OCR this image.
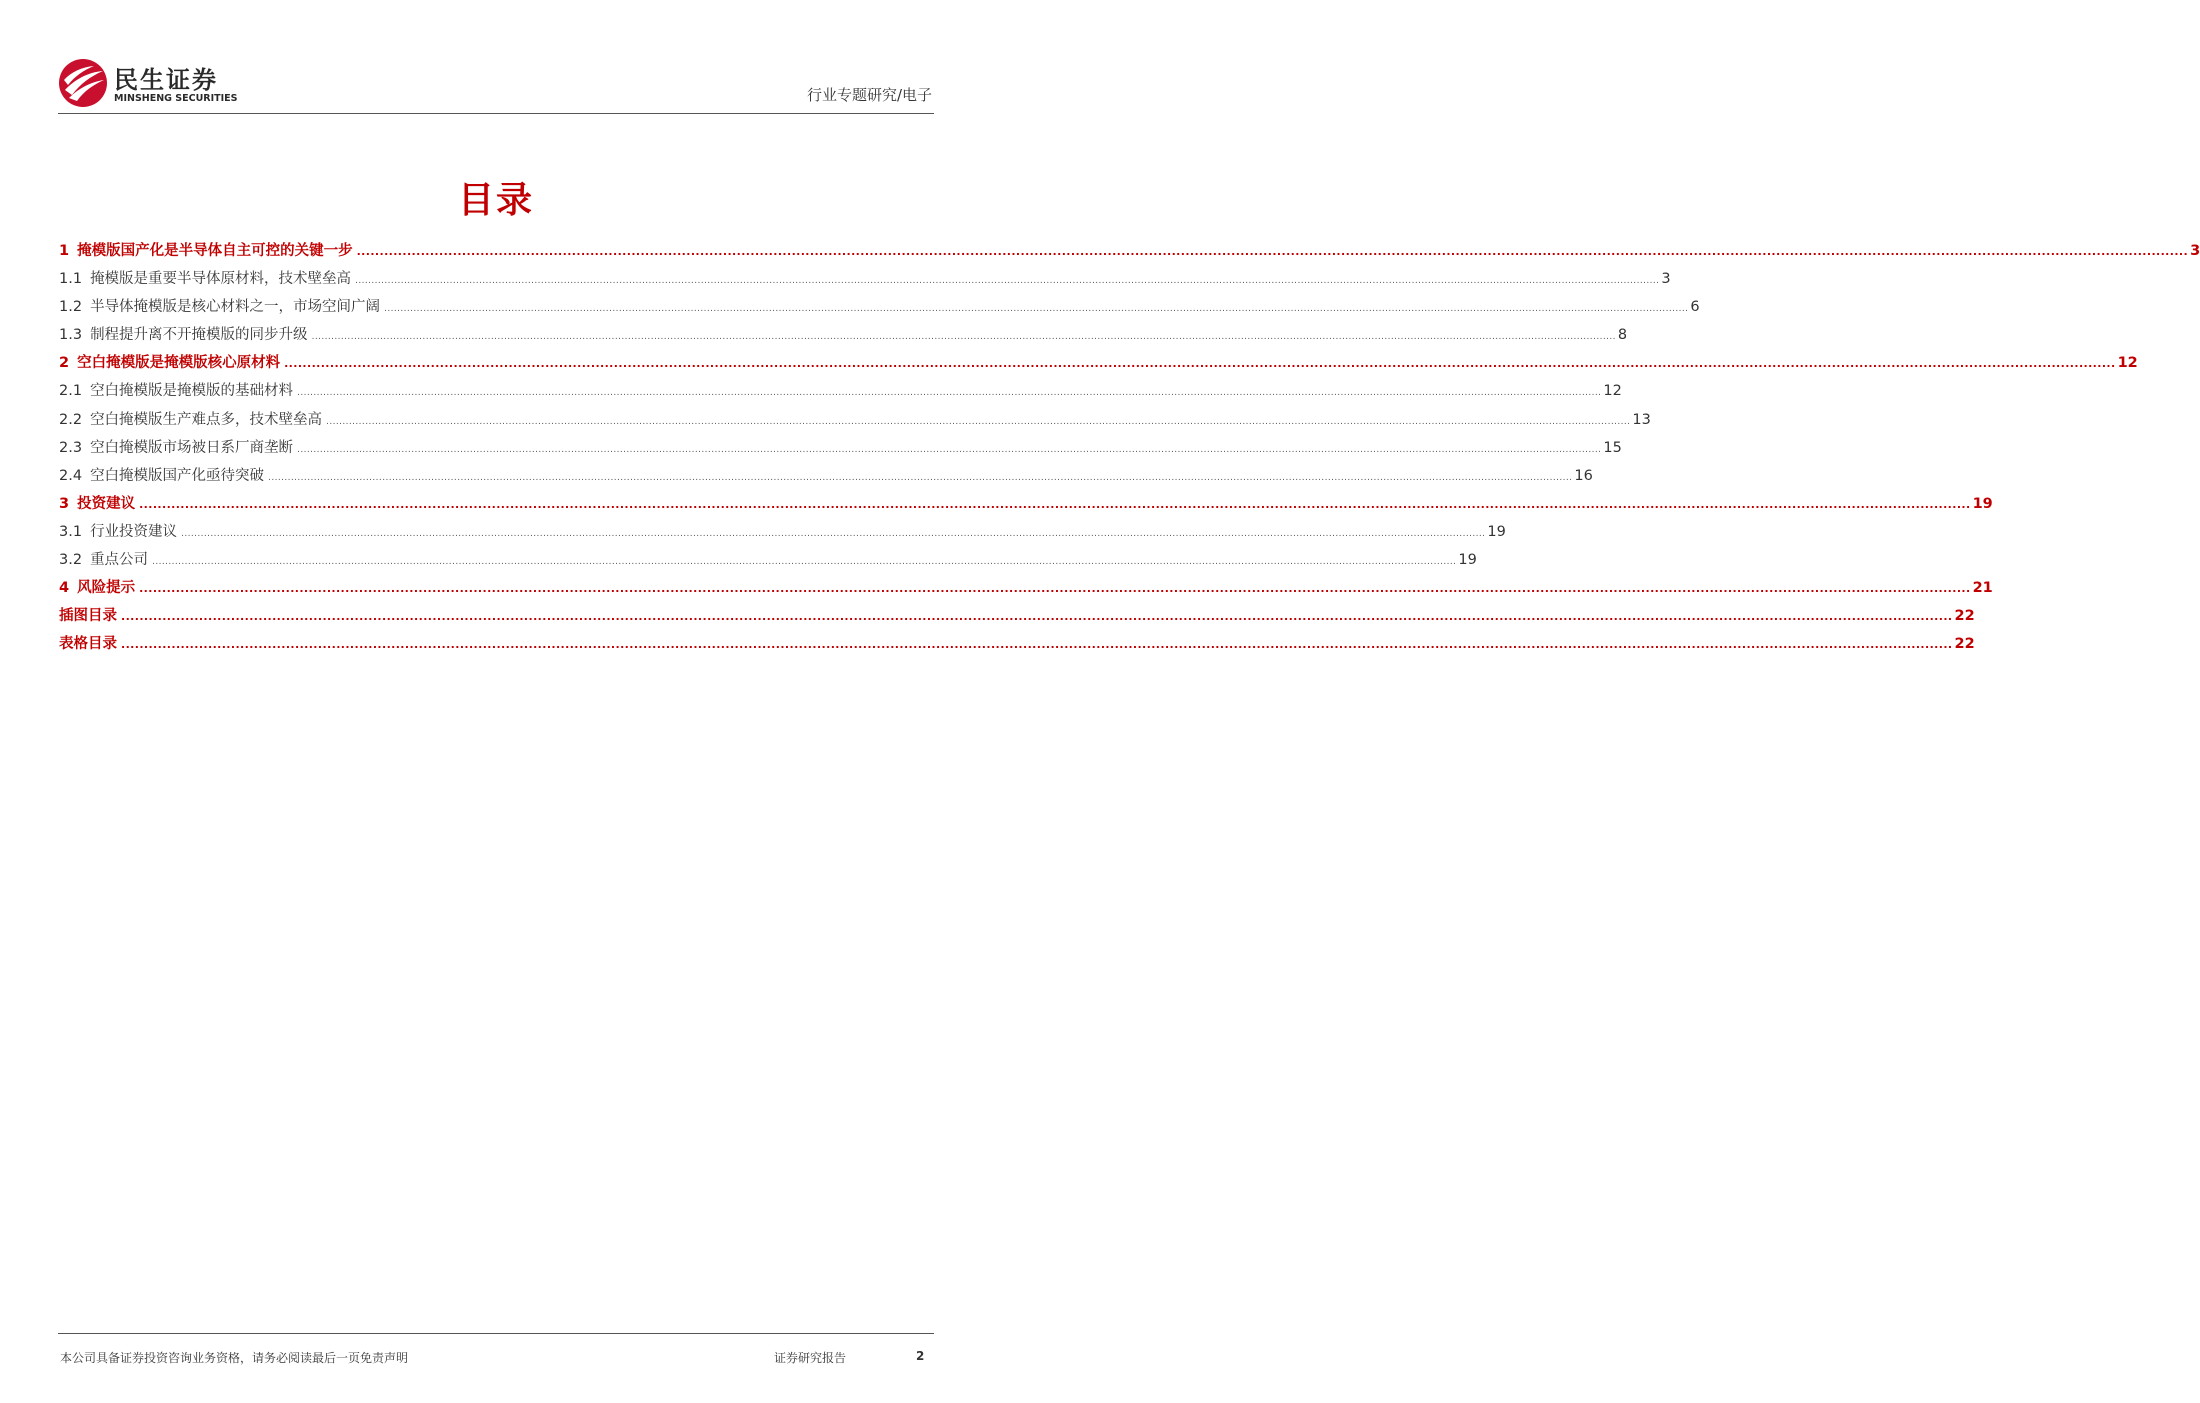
民生证券
MINSHENG SECURITIES	行业专题研究/电子
目录
1 掩模版国产化是半导体自主可控的关键一步 ................................................................................................................................................................................................................................................................................................................................................................................................................ 3
1.1 掩模版是重要半导体原材料，技术壁垒高 ................................................................................................................................................................................................................................................................................................................................................................................................................ 3
1.2 半导体掩模版是核心材料之一，市场空间广阔 ................................................................................................................................................................................................................................................................................................................................................................................................................ 6
1.3 制程提升离不开掩模版的同步升级 ................................................................................................................................................................................................................................................................................................................................................................................................................ 8
2 空白掩模版是掩模版核心原材料 ................................................................................................................................................................................................................................................................................................................................................................................................................ 12
2.1 空白掩模版是掩模版的基础材料 ................................................................................................................................................................................................................................................................................................................................................................................................................ 12
2.2 空白掩模版生产难点多，技术壁垒高 ................................................................................................................................................................................................................................................................................................................................................................................................................ 13
2.3 空白掩模版市场被日系厂商垄断 ................................................................................................................................................................................................................................................................................................................................................................................................................ 15
2.4 空白掩模版国产化亟待突破 ................................................................................................................................................................................................................................................................................................................................................................................................................ 16
3 投资建议 ................................................................................................................................................................................................................................................................................................................................................................................................................ 19
3.1 行业投资建议 ................................................................................................................................................................................................................................................................................................................................................................................................................ 19
3.2 重点公司 ................................................................................................................................................................................................................................................................................................................................................................................................................ 19
4 风险提示 ................................................................................................................................................................................................................................................................................................................................................................................................................ 21
插图目录 ................................................................................................................................................................................................................................................................................................................................................................................................................ 22
表格目录 ................................................................................................................................................................................................................................................................................................................................................................................................................ 22
本公司具备证券投资咨询业务资格，请务必阅读最后一页免责声明	证券研究报告	2
